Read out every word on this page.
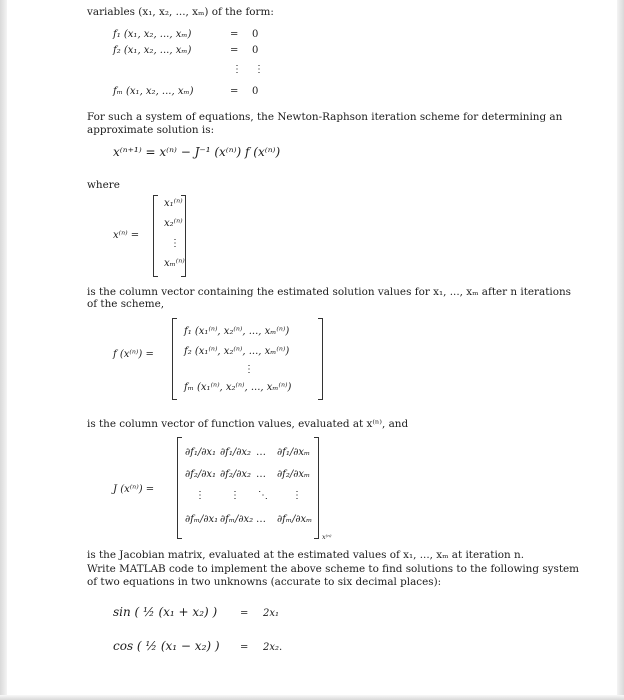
variables (x₁, x₂, ..., xₘ) of the form:
f₁ (x₁, x₂, ..., xₘ)	= 0
f₂ (x₁, x₂, ..., xₘ)	= 0
⋮ ⋮
fₘ (x₁, x₂, ..., xₘ)	= 0
For such a system of equations, the Newton-Raphson iteration scheme for determining an
approximate solution is:
x⁽ⁿ⁺¹⁾ = x⁽ⁿ⁾ − J⁻¹ (x⁽ⁿ⁾) f (x⁽ⁿ⁾)
where
x⁽ⁿ⁾ =
x₁⁽ⁿ⁾
x₂⁽ⁿ⁾
⋮
xₘ⁽ⁿ⁾
is the column vector containing the estimated solution values for x₁, ..., xₘ after n iterations
of the scheme,
f (x⁽ⁿ⁾) =
f₁ (x₁⁽ⁿ⁾, x₂⁽ⁿ⁾, ..., xₘ⁽ⁿ⁾)
f₂ (x₁⁽ⁿ⁾, x₂⁽ⁿ⁾, ..., xₘ⁽ⁿ⁾)
⋮
fₘ (x₁⁽ⁿ⁾, x₂⁽ⁿ⁾, ..., xₘ⁽ⁿ⁾)
is the column vector of function values, evaluated at x⁽ⁿ⁾, and
J (x⁽ⁿ⁾) =
∂f₁/∂x₁ ∂f₁/∂x₂ … ∂f₁/∂xₘ
∂f₂/∂x₁ ∂f₂/∂x₂ … ∂f₂/∂xₘ
⋮	⋮ ⋱ ⋮
∂fₘ/∂x₁ ∂fₘ/∂x₂ … ∂fₘ/∂xₘ
x⁽ⁿ⁾
is the Jacobian matrix, evaluated at the estimated values of x₁, ..., xₘ at iteration n.
Write MATLAB code to implement the above scheme to find solutions to the following system
of two equations in two unknowns (accurate to six decimal places):
sin ( ½ (x₁ + x₂) ) = 2x₁
cos ( ½ (x₁ − x₂) ) = 2x₂.
